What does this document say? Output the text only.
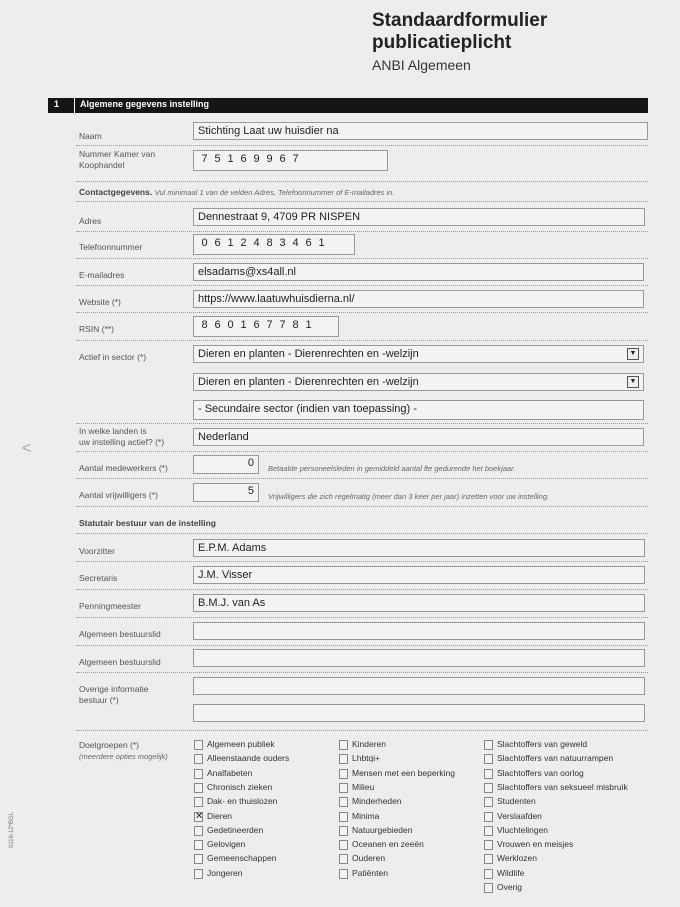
Standaardformulier
publicatieplicht
ANBI Algemeen
1 Algemene gegevens instelling
<
0116-12*BOL
Naam	Stichting Laat uw huisdier na
Nummer Kamer van
Koophandel	7 5 1 6 9 9 6 7
Contactgegevens. Vul minimaal 1 van de velden Adres, Telefoonnummer of E-mailadres in.
Adres	Dennestraat 9, 4709 PR NISPEN
Telefoonnummer	0 6 1 2 4 8 3 4 6 1
E-mailadres	elsadams@xs4all.nl
Website (*)	https://www.laatuwhuisdierna.nl/
RSIN (**)	8 6 0 1 6 7 7 8 1
Actief in sector (*)	Dieren en planten - Dierenrechten en -welzijn	▼
Dieren en planten - Dierenrechten en -welzijn	▼
- Secundaire sector (indien van toepassing) -
In welke landen is
uw instelling actief? (*)	Nederland
Aantal medewerkers (*)	0	Betaalde personeelsleden in gemiddeld aantal fte gedurende het boekjaar.
Aantal vrijwilligers (*)	5	Vrijwilligers die zich regelmatig (meer dan 3 keer per jaar) inzetten voor uw instelling.
Statutair bestuur van de instelling
Voorzitter	E.P.M. Adams
Secretaris	J.M. Visser
Penningmeester	B.M.J. van As
Algemeen bestuurslid
Algemeen bestuurslid
Overige informatie
bestuur (*)
Doelgroepen (*)
(meerdere opties mogelijk)
Algemeen publiek
Alleenstaande ouders
Analfabeten
Chronisch zieken
Dak- en thuislozen
✕ Dieren
Gedetineerden
Gelovigen
Gemeenschappen
Jongeren
Kinderen
Lhbtqi+
Mensen met een beperking
Milieu
Minderheden
Minima
Natuurgebieden
Oceanen en zeeën
Ouderen
Patiënten
Slachtoffers van geweld
Slachtoffers van natuurrampen
Slachtoffers van oorlog
Slachtoffers van seksueel misbruik
Studenten
Verslaafden
Vluchtelingen
Vrouwen en meisjes
Werklozen
Wildlife
Overig
